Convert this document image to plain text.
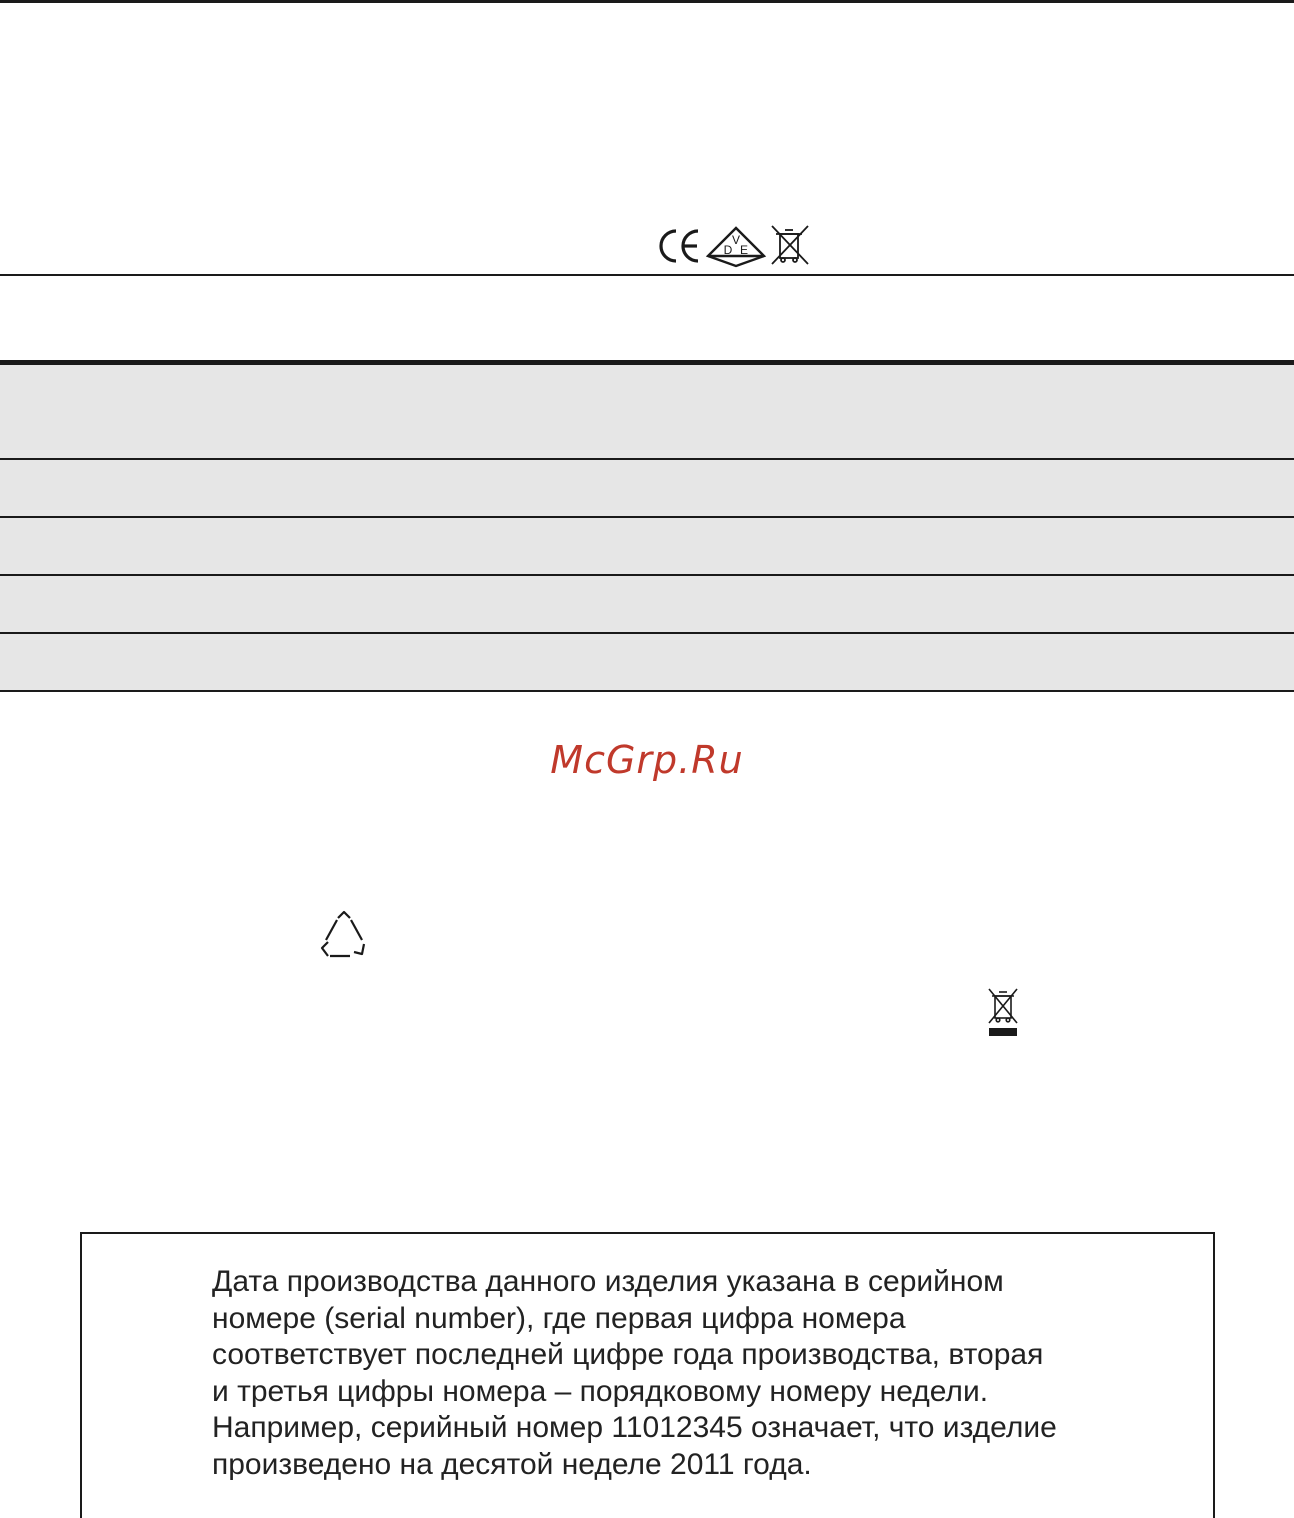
V
D E
McGrp.Ru
Дата производства данного изделия указана в серийном
номере (serial number), где первая цифра номера
соответствует последней цифре года производства, вторая
и третья цифры номера – порядковому номеру недели.
Например, серийный номер 11012345 означает, что изделие
произведено на десятой неделе 2011 года.
